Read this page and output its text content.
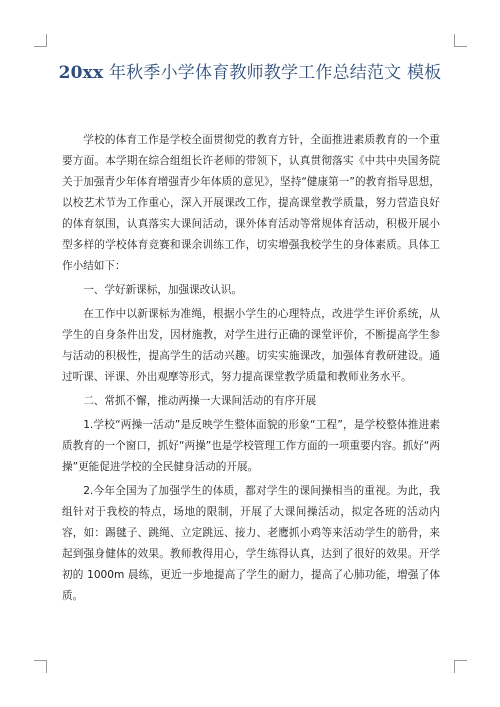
20xx 年秋季小学体育教师教学工作总结范文 模板

学校的体育工作是学校全面贯彻党的教育方针，全面推进素质教育的一个重要方面。本学期在综合组组长许老师的带领下，认真贯彻落实《中共中央国务院关于加强青少年体育增强青少年体质的意见》，坚持“健康第一”的教育指导思想，以校艺术节为工作重心，深入开展课改工作，提高课堂教学质量，努力营造良好的体育氛围，认真落实大课间活动，课外体育活动等常规体育活动，积极开展小型多样的学校体育竞赛和课余训练工作，切实增强我校学生的身体素质。具体工作小结如下：

一、学好新课标，加强课改认识。

在工作中以新课标为准绳，根据小学生的心理特点，改进学生评价系统，从学生的自身条件出发，因材施教，对学生进行正确的课堂评价，不断提高学生参与活动的积极性，提高学生的活动兴趣。切实实施课改，加强体育教研建设。通过听课、评课、外出观摩等形式，努力提高课堂教学质量和教师业务水平。

二、常抓不懈，推动两操一大课间活动的有序开展

1.学校“两操一活动”是反映学生整体面貌的形象“工程”，是学校整体推进素质教育的一个窗口，抓好“两操”也是学校管理工作方面的一项重要内容。抓好“两操”更能促进学校的全民健身活动的开展。

2.今年全国为了加强学生的体质，都对学生的课间操相当的重视。为此，我组针对于我校的特点，场地的限制，开展了大课间操活动，拟定各班的活动内容，如：踢毽子、跳绳、立定跳远、接力、老鹰抓小鸡等来活动学生的筋骨，来起到强身健体的效果。教师教得用心，学生练得认真，达到了很好的效果。开学初的 1000m 晨练，更近一步地提高了学生的耐力，提高了心肺功能，增强了体质。
